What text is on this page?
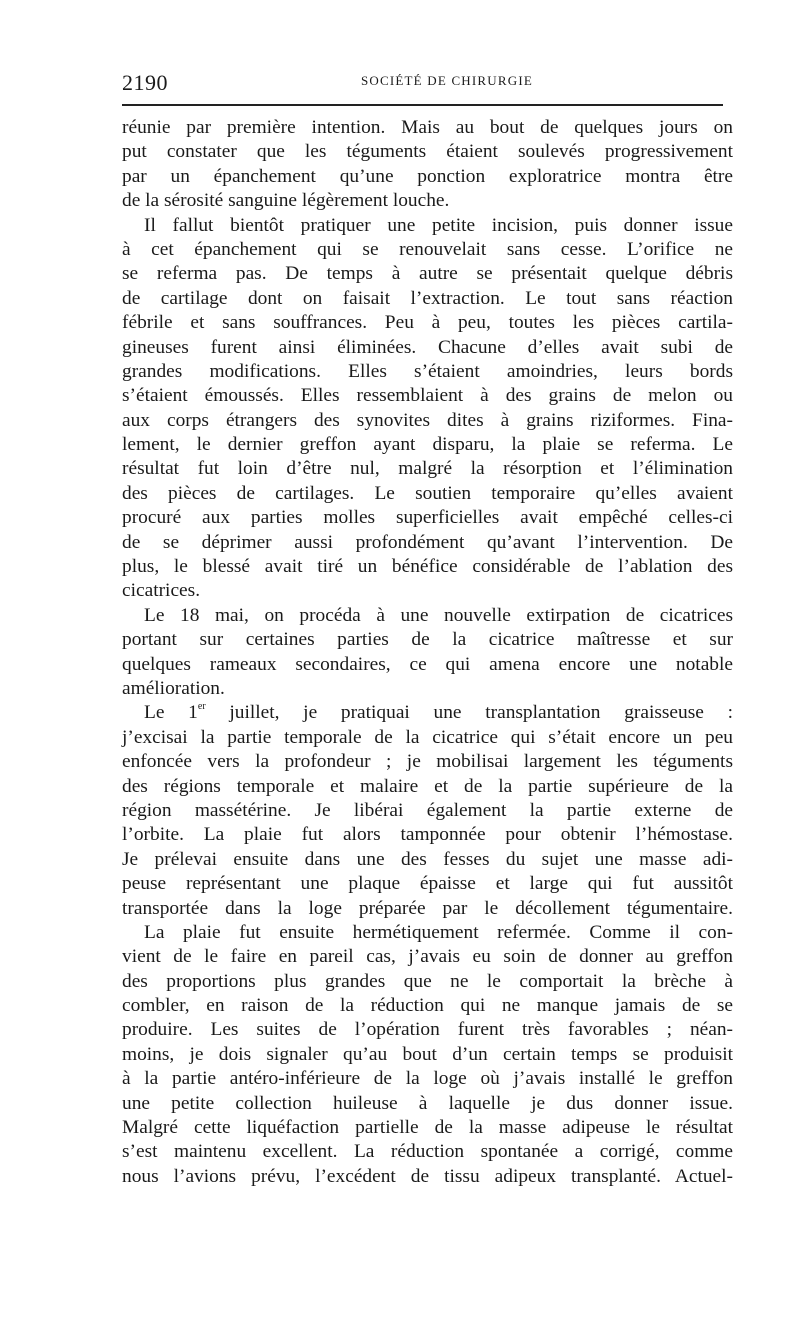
2190	SOCIÉTÉ DE CHIRURGIE
réunie par première intention. Mais au bout de quelques jours on
put constater que les téguments étaient soulevés progressivement
par un épanchement qu’une ponction exploratrice montra être
de la sérosité sanguine légèrement louche.
Il fallut bientôt pratiquer une petite incision, puis donner issue
à cet épanchement qui se renouvelait sans cesse. L’orifice ne
se referma pas. De temps à autre se présentait quelque débris
de cartilage dont on faisait l’extraction. Le tout sans réaction
fébrile et sans souffrances. Peu à peu, toutes les pièces cartila-
gineuses furent ainsi éliminées. Chacune d’elles avait subi de
grandes modifications. Elles s’étaient amoindries, leurs bords
s’étaient émoussés. Elles ressemblaient à des grains de melon ou
aux corps étrangers des synovites dites à grains riziformes. Fina-
lement, le dernier greffon ayant disparu, la plaie se referma. Le
résultat fut loin d’être nul, malgré la résorption et l’élimination
des pièces de cartilages. Le soutien temporaire qu’elles avaient
procuré aux parties molles superficielles avait empêché celles-ci
de se déprimer aussi profondément qu’avant l’intervention. De
plus, le blessé avait tiré un bénéfice considérable de l’ablation des
cicatrices.
Le 18 mai, on procéda à une nouvelle extirpation de cicatrices
portant sur certaines parties de la cicatrice maîtresse et sur
quelques rameaux secondaires, ce qui amena encore une notable
amélioration.
Le 1er juillet, je pratiquai une transplantation graisseuse :
j’excisai la partie temporale de la cicatrice qui s’était encore un peu
enfoncée vers la profondeur ; je mobilisai largement les téguments
des régions temporale et malaire et de la partie supérieure de la
région massétérine. Je libérai également la partie externe de
l’orbite. La plaie fut alors tamponnée pour obtenir l’hémostase.
Je prélevai ensuite dans une des fesses du sujet une masse adi-
peuse représentant une plaque épaisse et large qui fut aussitôt
transportée dans la loge préparée par le décollement tégumentaire.
La plaie fut ensuite hermétiquement refermée. Comme il con-
vient de le faire en pareil cas, j’avais eu soin de donner au greffon
des proportions plus grandes que ne le comportait la brèche à
combler, en raison de la réduction qui ne manque jamais de se
produire. Les suites de l’opération furent très favorables ; néan-
moins, je dois signaler qu’au bout d’un certain temps se produisit
à la partie antéro-inférieure de la loge où j’avais installé le greffon
une petite collection huileuse à laquelle je dus donner issue.
Malgré cette liquéfaction partielle de la masse adipeuse le résultat
s’est maintenu excellent. La réduction spontanée a corrigé, comme
nous l’avions prévu, l’excédent de tissu adipeux transplanté. Actuel-
